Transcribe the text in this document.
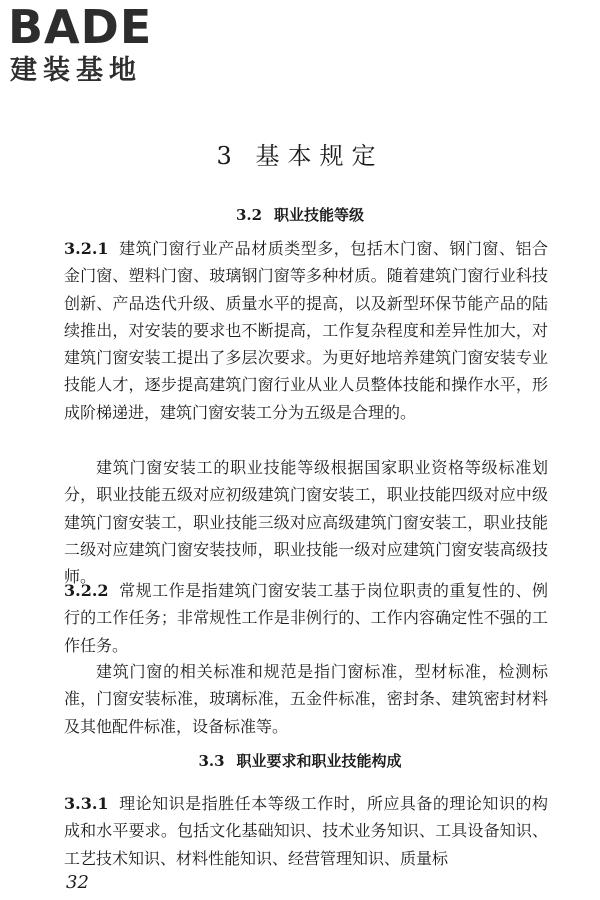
BADE
建装基地
3 基本规定
3.2 职业技能等级

3.2.1 建筑门窗行业产品材质类型多，包括木门窗、钢门窗、铝合金门窗、塑料门窗、玻璃钢门窗等多种材质。随着建筑门窗行业科技创新、产品迭代升级、质量水平的提高，以及新型环保节能产品的陆续推出，对安装的要求也不断提高，工作复杂程度和差异性加大，对建筑门窗安装工提出了多层次要求。为更好地培养建筑门窗安装专业技能人才，逐步提高建筑门窗行业从业人员整体技能和操作水平，形成阶梯递进，建筑门窗安装工分为五级是合理的。

建筑门窗安装工的职业技能等级根据国家职业资格等级标准划分，职业技能五级对应初级建筑门窗安装工，职业技能四级对应中级建筑门窗安装工，职业技能三级对应高级建筑门窗安装工，职业技能二级对应建筑门窗安装技师，职业技能一级对应建筑门窗安装高级技师。

3.2.2 常规工作是指建筑门窗安装工基于岗位职责的重复性的、例行的工作任务；非常规性工作是非例行的、工作内容确定性不强的工作任务。

建筑门窗的相关标准和规范是指门窗标准，型材标准，检测标准，门窗安装标准，玻璃标准，五金件标准，密封条、建筑密封材料及其他配件标准，设备标准等。

3.3 职业要求和职业技能构成

3.3.1 理论知识是指胜任本等级工作时，所应具备的理论知识的构成和水平要求。包括文化基础知识、技术业务知识、工具设备知识、工艺技术知识、材料性能知识、经营管理知识、质量标

32
